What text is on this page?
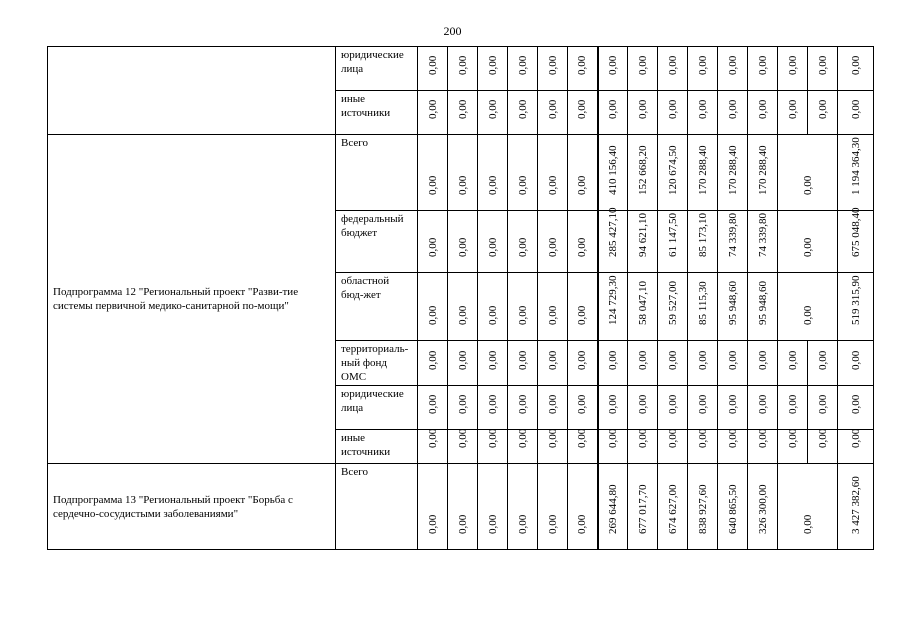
200
	юридические лица	0,00	0,00	0,00	0,00	0,00	0,00	0,00	0,00	0,00	0,00	0,00	0,00	0,00	0,00	0,00

	иные источники	0,00	0,00	0,00	0,00	0,00	0,00	0,00	0,00	0,00	0,00	0,00	0,00	0,00	0,00	0,00

Подпрограмма 12 "Региональный проект "Разви-тие системы первичной медико-санитарной по-мощи"	Всего	0,00	0,00	0,00	0,00	0,00	0,00	410 156,40	152 668,20	120 674,50	170 288,40	170 288,40	170 288,40	0,00		1 194 364,30

	федеральный бюджет	0,00	0,00	0,00	0,00	0,00	0,00	285 427,10	94 621,10	61 147,50	85 173,10	74 339,80	74 339,80	0,00		675 048,40

	областной бюд-жет	0,00	0,00	0,00	0,00	0,00	0,00	124 729,30	58 047,10	59 527,00	85 115,30	95 948,60	95 948,60	0,00		519 315,90

	территориаль-ный фонд ОМС	0,00	0,00	0,00	0,00	0,00	0,00	0,00	0,00	0,00	0,00	0,00	0,00	0,00	0,00	0,00

	юридические лица	0,00	0,00	0,00	0,00	0,00	0,00	0,00	0,00	0,00	0,00	0,00	0,00	0,00	0,00	0,00

	иные источники	0,00	0,00	0,00	0,00	0,00	0,00	0,00	0,00	0,00	0,00	0,00	0,00	0,00	0,00	0,00

Подпрограмма 13 "Региональный проект "Борьба с сердечно-сосудистыми заболеваниями"	Всего	0,00	0,00	0,00	0,00	0,00	0,00	269 644,80	677 017,70	674 627,00	838 927,60	640 865,50	326 300,00	0,00		3 427 382,60
